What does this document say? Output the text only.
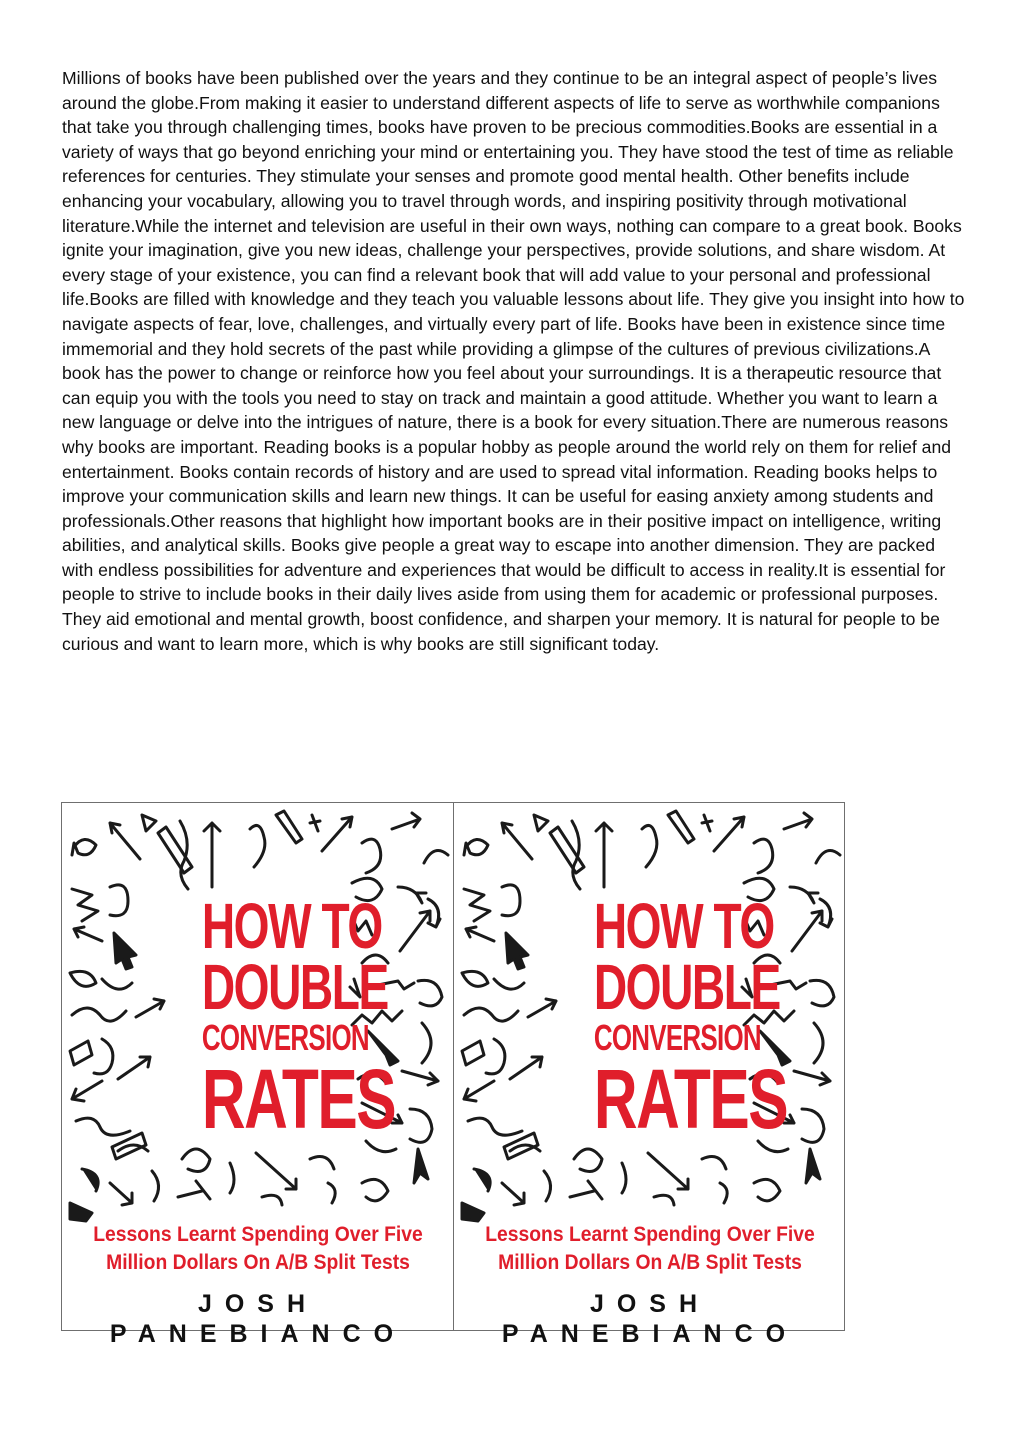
Millions of books have been published over the years and they continue to be an integral aspect of people’s lives around the globe.From making it easier to understand different aspects of life to serve as worthwhile companions that take you through challenging times, books have proven to be precious commodities.Books are essential in a variety of ways that go beyond enriching your mind or entertaining you. They have stood the test of time as reliable references for centuries. They stimulate your senses and promote good mental health. Other benefits include enhancing your vocabulary, allowing you to travel through words, and inspiring positivity through motivational literature.While the internet and television are useful in their own ways, nothing can compare to a great book. Books ignite your imagination, give you new ideas, challenge your perspectives, provide solutions, and share wisdom. At every stage of your existence, you can find a relevant book that will add value to your personal and professional life.Books are filled with knowledge and they teach you valuable lessons about life. They give you insight into how to navigate aspects of fear, love, challenges, and virtually every part of life. Books have been in existence since time immemorial and they hold secrets of the past while providing a glimpse of the cultures of previous civilizations.A book has the power to change or reinforce how you feel about your surroundings. It is a therapeutic resource that can equip you with the tools you need to stay on track and maintain a good attitude. Whether you want to learn a new language or delve into the intrigues of nature, there is a book for every situation.There are numerous reasons why books are important. Reading books is a popular hobby as people around the world rely on them for relief and entertainment. Books contain records of history and are used to spread vital information. Reading books helps to improve your communication skills and learn new things. It can be useful for easing anxiety among students and professionals.Other reasons that highlight how important books are in their positive impact on intelligence, writing abilities, and analytical skills. Books give people a great way to escape into another dimension. They are packed with endless possibilities for adventure and experiences that would be difficult to access in reality.It is essential for people to strive to include books in their daily lives aside from using them for academic or professional purposes. They aid emotional and mental growth, boost confidence, and sharpen your memory. It is natural for people to be curious and want to learn more, which is why books are still significant today.

HOW TO
DOUBLE
CONVERSION
RATES
Lessons Learnt Spending Over Five
Million Dollars On A/B Split Tests
JOSH PANEBIANCO
HOW TO
DOUBLE
CONVERSION
RATES
Lessons Learnt Spending Over Five
Million Dollars On A/B Split Tests
JOSH PANEBIANCO
